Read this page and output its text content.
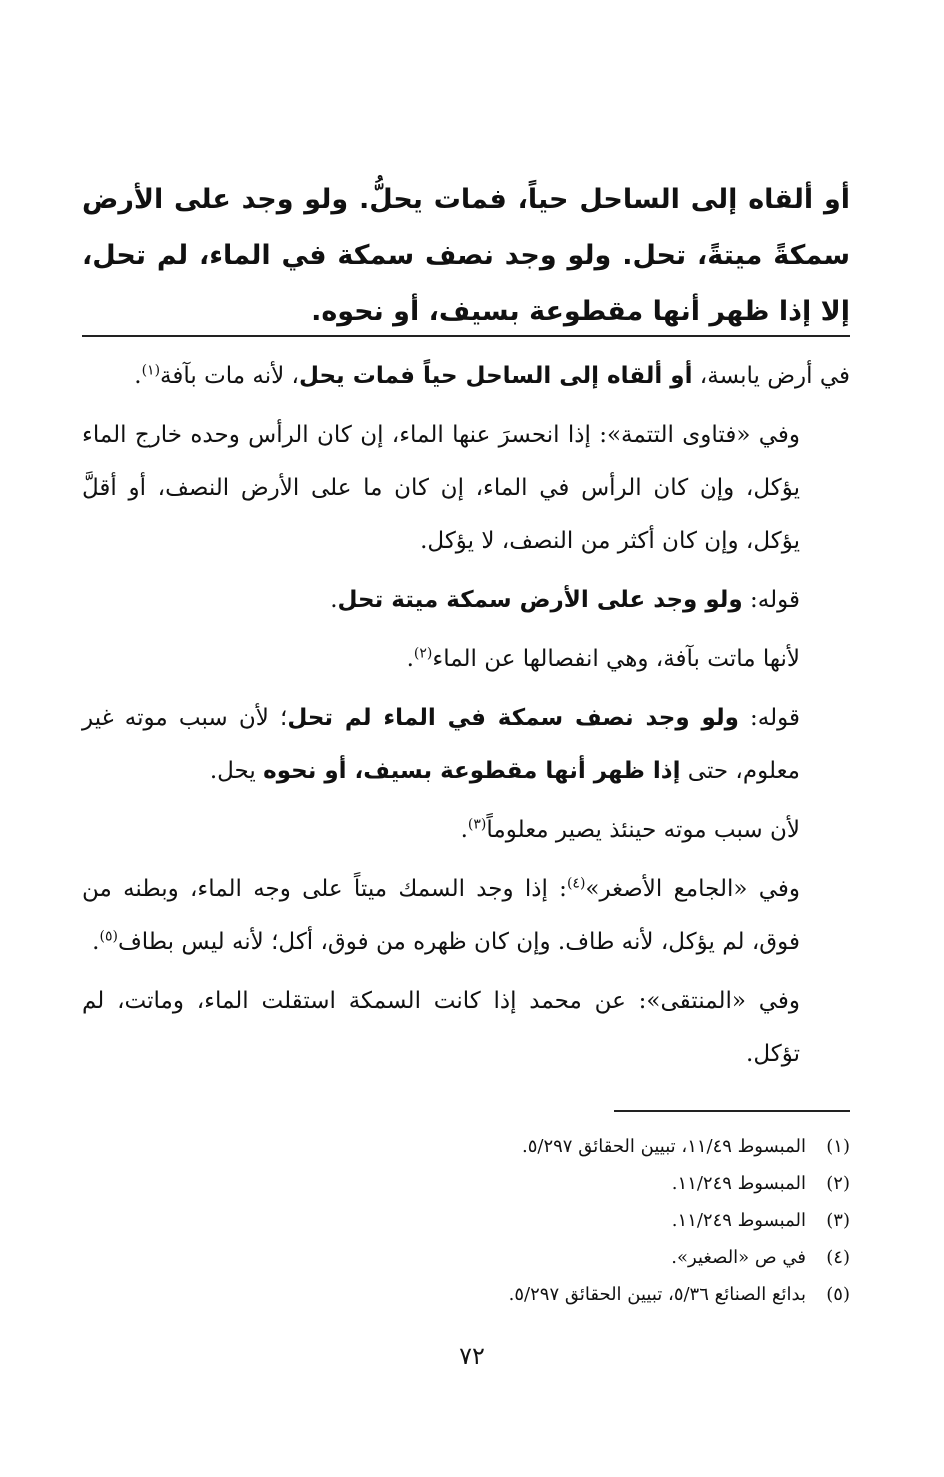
أو ألقاه إلى الساحل حياً، فمات يحلُّ. ولو وجد على الأرض سمكةً ميتةً، تحل. ولو وجد نصف سمكة في الماء، لم تحل، إلا إذا ظهر أنها مقطوعة بسيف، أو نحوه.

في أرض يابسة، أو ألقاه إلى الساحل حياً فمات يحل، لأنه مات بآفة$^{(١)}$.

وفي «فتاوى التتمة»: إذا انحسرَ عنها الماء، إن كان الرأس وحده خارج الماء يؤكل، وإن كان الرأس في الماء، إن كان ما على الأرض النصف، أو أقلَّ يؤكل، وإن كان أكثر من النصف، لا يؤكل.

قوله: ولو وجد على الأرض سمكة ميتة تحل.

لأنها ماتت بآفة، وهي انفصالها عن الماء$^{(٢)}$.

قوله: ولو وجد نصف سمكة في الماء لم تحل؛ لأن سبب موته غير معلوم، حتى إذا ظهر أنها مقطوعة بسيف، أو نحوه يحل.

لأن سبب موته حينئذ يصير معلوماً$^{(٣)}$.

وفي «الجامع الأصغر»$^{(٤)}$: إذا وجد السمك ميتاً على وجه الماء، وبطنه من فوق، لم يؤكل، لأنه طاف. وإن كان ظهره من فوق، أكل؛ لأنه ليس بطاف$^{(٥)}$.

وفي «المنتقى»: عن محمد إذا كانت السمكة استقلت الماء، وماتت، لم تؤكل.

(١)
المبسوط ١١/٤٩، تبيين الحقائق ٥/٢٩٧.
(٢)
المبسوط ١١/٢٤٩.
(٣)
المبسوط ١١/٢٤٩.
(٤)
في ص «الصغير».
(٥)
بدائع الصنائع ٥/٣٦، تبيين الحقائق ٥/٢٩٧.
٧٢
